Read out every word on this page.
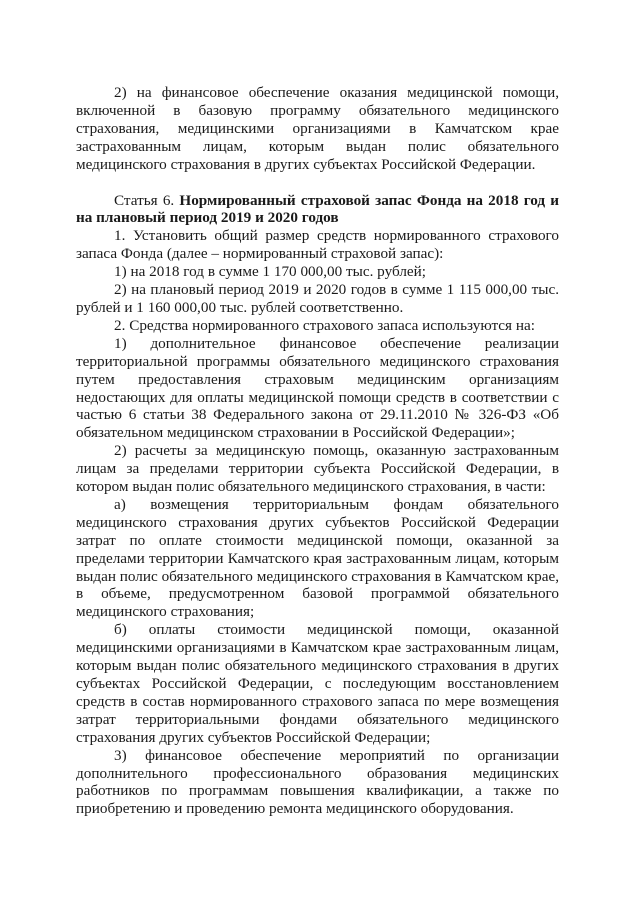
2) на финансовое обеспечение оказания медицинской помощи, включенной в базовую программу обязательного медицинского страхования, медицинскими организациями в Камчатском крае застрахованным лицам, которым выдан полис обязательного медицинского страхования в других субъектах Российской Федерации.

Статья 6. Нормированный страховой запас Фонда на 2018 год и на плановый период 2019 и 2020 годов

1. Установить общий размер средств нормированного страхового запаса Фонда (далее – нормированный страховой запас):

1) на 2018 год в сумме 1 170 000,00 тыс. рублей;

2) на плановый период 2019 и 2020 годов в сумме 1 115 000,00 тыс. рублей и 1 160 000,00 тыс. рублей соответственно.

2. Средства нормированного страхового запаса используются на:

1) дополнительное финансовое обеспечение реализации территориальной программы обязательного медицинского страхования путем предоставления страховым медицинским организациям недостающих для оплаты медицинской помощи средств в соответствии с частью 6 статьи 38 Федерального закона от 29.11.2010 № 326-ФЗ «Об обязательном медицинском страховании в Российской Федерации»;

2) расчеты за медицинскую помощь, оказанную застрахованным лицам за пределами территории субъекта Российской Федерации, в котором выдан полис обязательного медицинского страхования, в части:

а) возмещения территориальным фондам обязательного медицинского страхования других субъектов Российской Федерации затрат по оплате стоимости медицинской помощи, оказанной за пределами территории Камчатского края застрахованным лицам, которым выдан полис обязательного медицинского страхования в Камчатском крае, в объеме, предусмотренном базовой программой обязательного медицинского страхования;

б) оплаты стоимости медицинской помощи, оказанной медицинскими организациями в Камчатском крае застрахованным лицам, которым выдан полис обязательного медицинского страхования в других субъектах Российской Федерации, с последующим восстановлением средств в состав нормированного страхового запаса по мере возмещения затрат территориальными фондами обязательного медицинского страхования других субъектов Российской Федерации;

3) финансовое обеспечение мероприятий по организации дополнительного профессионального образования медицинских работников по программам повышения квалификации, а также по приобретению и проведению ремонта медицинского оборудования.
